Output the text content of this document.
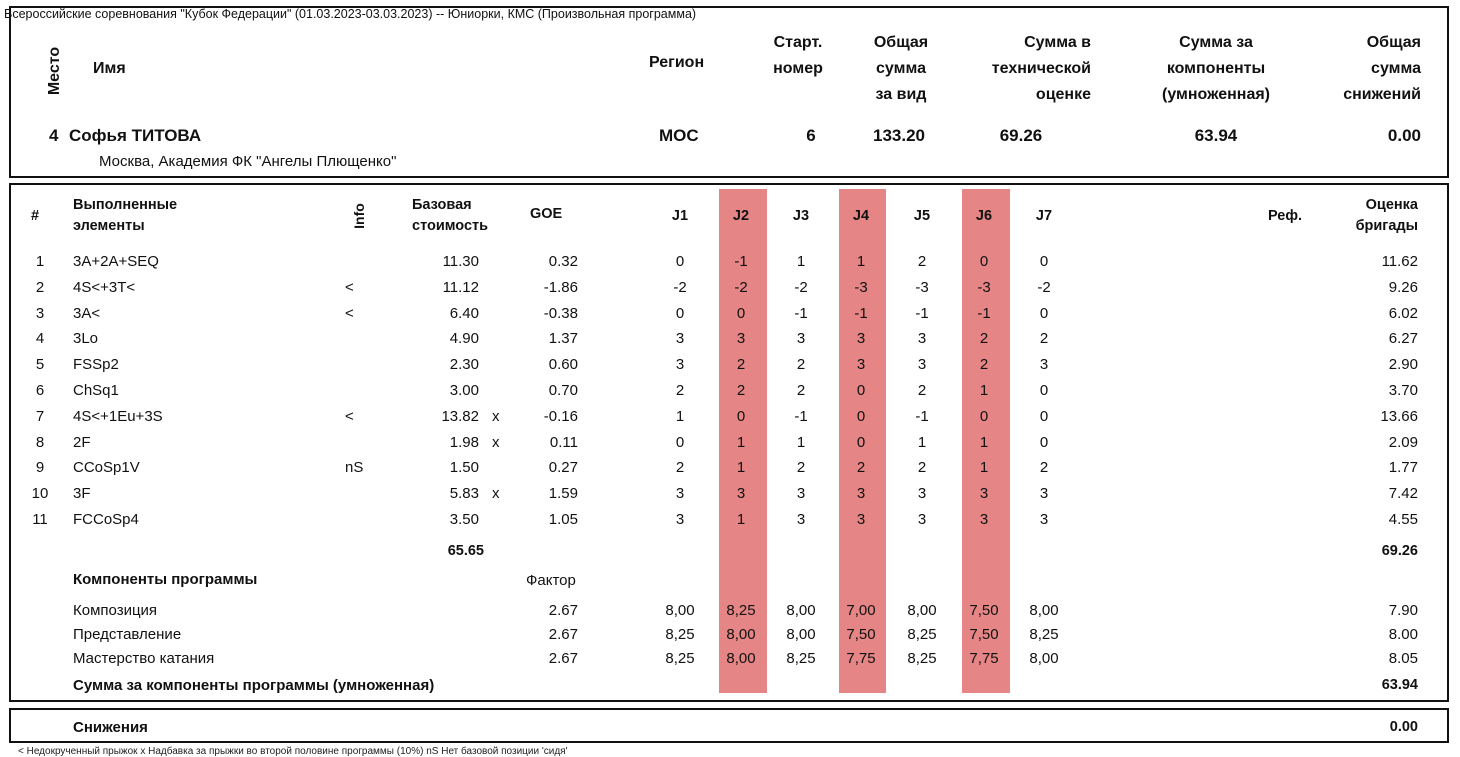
Всероссийские соревнования "Кубок Федерации" (01.03.2023-03.03.2023) -- Юниорки, КМС (Произвольная программа)
Место Имя	Регион
Старт.
номер
Общая
сумма
за вид
Сумма в
технической
оценке
Сумма за
компоненты
(умноженная)
Общая
сумма
снижений
4 Софья ТИТОВА
Москва, Академия ФК "Ангелы Плющенко"
МОС	6	133.20	69.26	63.94	0.00
#
Выполненные
элементы	Info	Базовая
стоимость
GOE	J1	J2	J3	J4	J5	J6	J7	Реф.
Оценка
бригады
1	3A+2A+SEQ	11.30	0.32	0	-1	1	1	2	0	0	11.62
2	4S<+3T<	<	11.12	-1.86	-2	-2	-2	-3	-3	-3	-2	9.26
3	3A<	<	6.40	-0.38	0	0	-1	-1	-1	-1	0	6.02
4	3Lo	4.90	1.37	3	3	3	3	3	2	2	6.27
5	FSSp2	2.30	0.60	3	2	2	3	3	2	3	2.90
6	ChSq1	3.00	0.70	2	2	2	0	2	1	0	3.70
7	4S<+1Eu+3S	<	13.82 x	-0.16	1	0	-1	0	-1	0	0	13.66
8	2F	1.98 x	0.11	0	1	1	0	1	1	0	2.09
9	CCoSp1V	nS	1.50	0.27	2	1	2	2	2	1	2	1.77
10	3F	5.83 x	1.59	3	3	3	3	3	3	3	7.42
11	FCCoSp4	3.50	1.05	3	1	3	3	3	3	3	4.55
65.65	69.26
Компоненты программы	Фактор
Композиция	2.67	8,00	8,25	8,00	7,00	8,00	7,50	8,00	7.90
Представление	2.67	8,25	8,00	8,00	7,50	8,25	7,50	8,25	8.00
Мастерство катания	2.67	8,25	8,00	8,25	7,75	8,25	7,75	8,00	8.05
Сумма за компоненты программы (умноженная)	63.94
Снижения	0.00
< Недокрученный прыжок x Надбавка за прыжки во второй половине программы (10%) nS Нет базовой позиции 'сидя'
